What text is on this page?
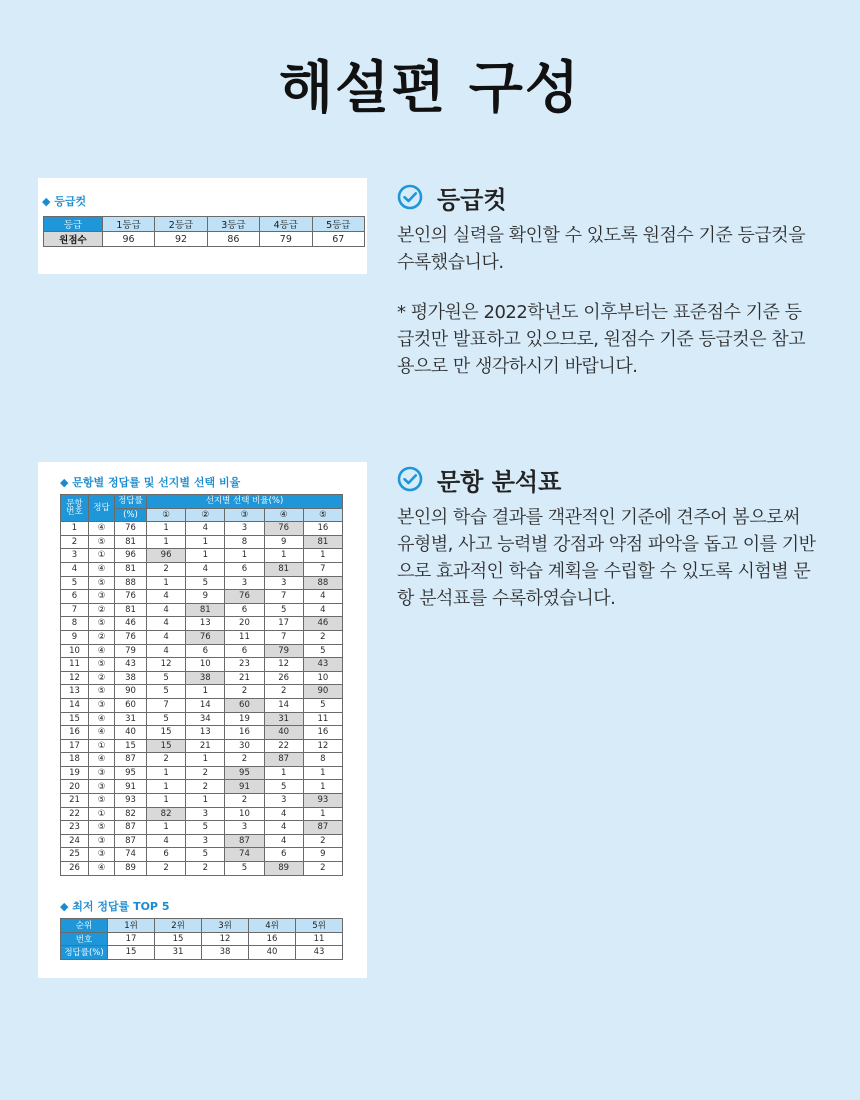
해설편 구성
◆ 등급컷
등급	1등급	2등급	3등급	4등급	5등급
원점수	96	92	86	79	67
◆ 문항별 정답률 및 선지별 선택 비율
문항 번호	정답	정답률	선지별 선택 비율(%)				
		(%)	①	②	③	④	⑤
1	④	76	1	4	3	76	16
2	⑤	81	1	1	8	9	81
3	①	96	96	1	1	1	1
4	④	81	2	4	6	81	7
5	⑤	88	1	5	3	3	88
6	③	76	4	9	76	7	4
7	②	81	4	81	6	5	4
8	⑤	46	4	13	20	17	46
9	②	76	4	76	11	7	2
10	④	79	4	6	6	79	5
11	⑤	43	12	10	23	12	43
12	②	38	5	38	21	26	10
13	⑤	90	5	1	2	2	90
14	③	60	7	14	60	14	5
15	④	31	5	34	19	31	11
16	④	40	15	13	16	40	16
17	①	15	15	21	30	22	12
18	④	87	2	1	2	87	8
19	③	95	1	2	95	1	1
20	③	91	1	2	91	5	1
21	⑤	93	1	1	2	3	93
22	①	82	82	3	10	4	1
23	⑤	87	1	5	3	4	87
24	③	87	4	3	87	4	2
25	③	74	6	5	74	6	9
26	④	89	2	2	5	89	2
◆ 최저 정답률 TOP 5
순위	1위	2위	3위	4위	5위
번호	17	15	12	16	11
정답률(%)	15	31	38	40	43
등급컷
본인의 실력을 확인할 수 있도록 원점수 기준 등급컷을 수록했습니다.
* 평가원은 2022학년도 이후부터는 표준점수 기준 등급컷만 발표하고 있으므로, 원점수 기준 등급컷은 참고용으로 만 생각하시기 바랍니다.
문항 분석표
본인의 학습 결과를 객관적인 기준에 견주어 봄으로써 유형별, 사고 능력별 강점과 약점 파악을 돕고 이를 기반으로 효과적인 학습 계획을 수립할 수 있도록 시험별 문항 분석표를 수록하였습니다.
